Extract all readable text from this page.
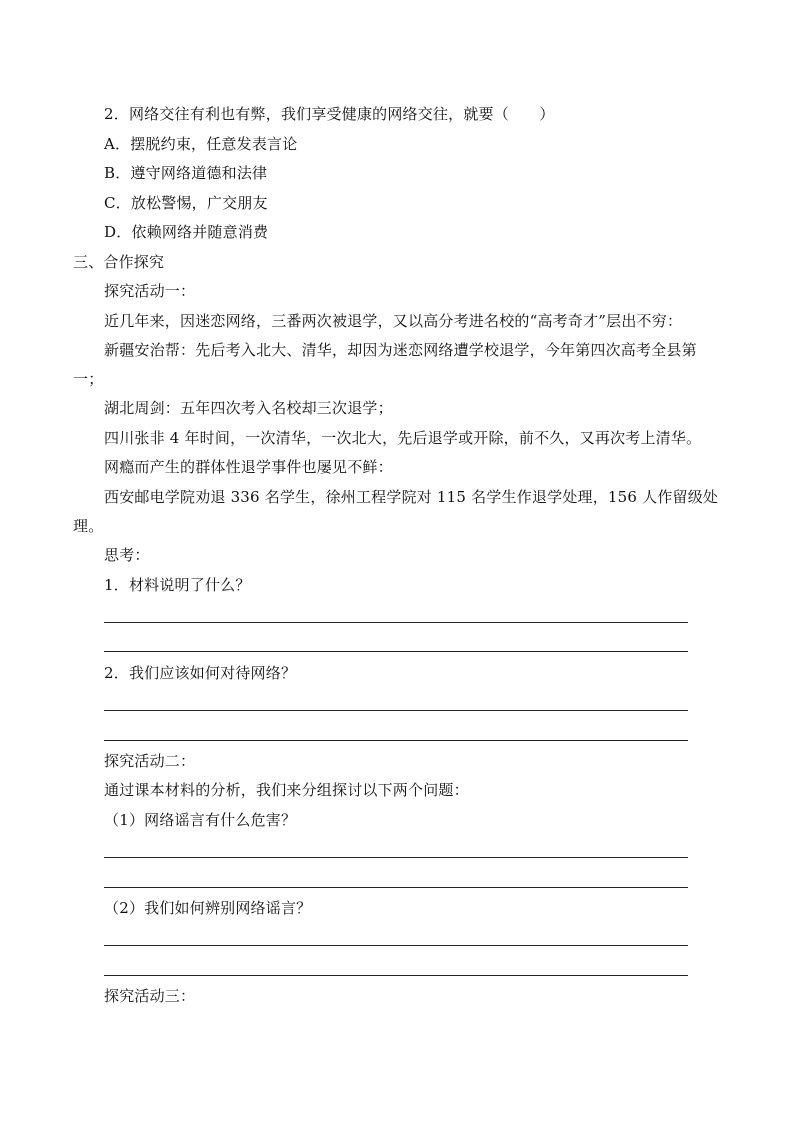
2．网络交往有利也有弊，我们享受健康的网络交往，就要（　　）
A．摆脱约束，任意发表言论
B．遵守网络道德和法律
C．放松警惕，广交朋友
D．依赖网络并随意消费
三、合作探究
探究活动一：
近几年来，因迷恋网络，三番两次被退学，又以高分考进名校的“高考奇才”层出不穷：
新疆安治帮：先后考入北大、清华，却因为迷恋网络遭学校退学，今年第四次高考全县第
一；
湖北周剑：五年四次考入名校却三次退学；
四川张非 4 年时间，一次清华，一次北大，先后退学或开除，前不久，又再次考上清华。
网瘾而产生的群体性退学事件也屡见不鲜：
西安邮电学院劝退 336 名学生，徐州工程学院对 115 名学生作退学处理，156 人作留级处
理。
思考：
1．材料说明了什么？
2．我们应该如何对待网络？
探究活动二：
通过课本材料的分析，我们来分组探讨以下两个问题：
（1）网络谣言有什么危害？
（2）我们如何辨别网络谣言？
探究活动三：
